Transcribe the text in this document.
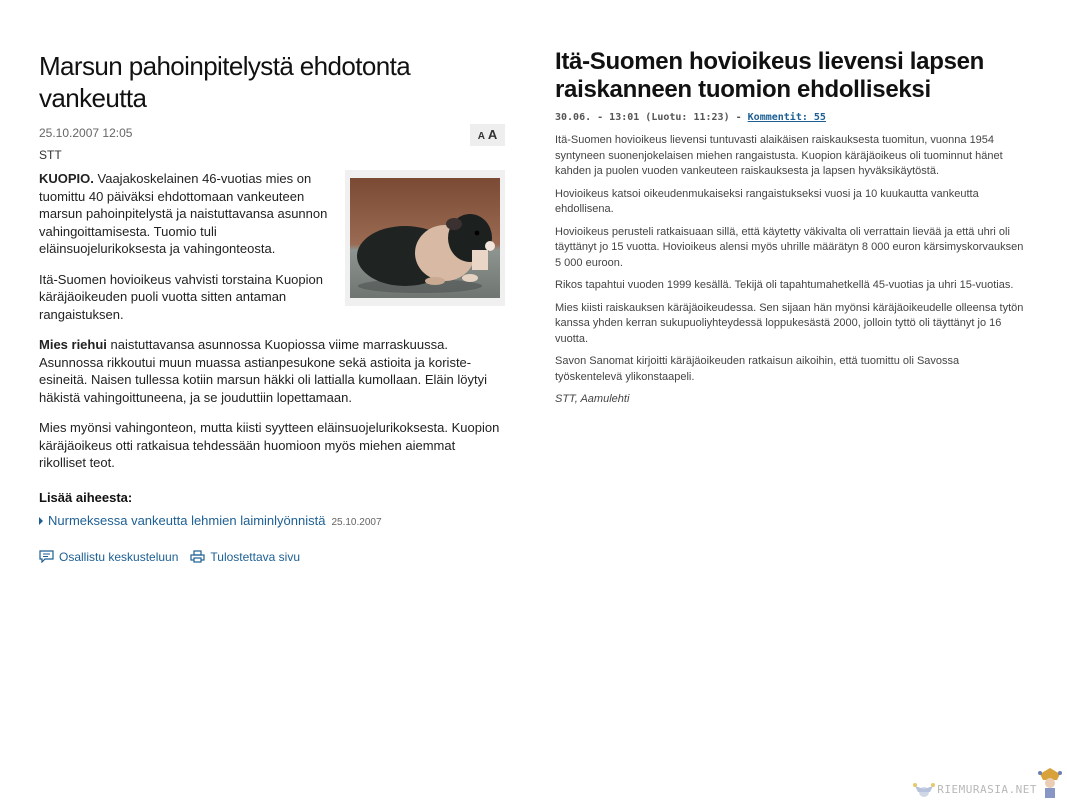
Marsun pahoinpitelystä ehdotonta vankeutta
25.10.2007 12:05	A A
STT

KUOPIO. Vaajakoskelainen 46-vuotias mies on tuomittu 40 päiväksi ehdottomaan vankeuteen marsun pahoinpitelystä ja naistuttavansa asunnon vahingoittamisesta. Tuomio tuli eläinsuojelurikoksesta ja vahingonteosta.

Itä-Suomen hovioikeus vahvisti torstaina Kuopion käräjäoikeuden puoli vuotta sitten antaman rangaistuksen.

Mies riehui naistuttavansa asunnossa Kuopiossa viime marraskuussa. Asunnossa rikkoutui muun muassa astianpesukone sekä astioita ja koriste-esineitä. Naisen tullessa kotiin marsun häkki oli lattialla kumollaan. Eläin löytyi häkistä vahingoittuneena, ja se jouduttiin lopettamaan.

Mies myönsi vahingonteon, mutta kiisti syytteen eläinsuojelurikoksesta. Kuopion käräjäoikeus otti ratkaisua tehdessään huomioon myös miehen aiemmat rikolliset teot.

Lisää aiheesta:
Nurmeksessa vankeutta lehmien laiminlyönnistä 25.10.2007
Osallistu keskusteluun	Tulostettava sivu
Itä-Suomen hovioikeus lievensi lapsen raiskanneen tuomion ehdolliseksi
30.06. - 13:01 (Luotu: 11:23) - Kommentit: 55

Itä-Suomen hovioikeus lievensi tuntuvasti alaikäisen raiskauksesta tuomitun, vuonna 1954 syntyneen suonenjokelaisen miehen rangaistusta. Kuopion käräjäoikeus oli tuominnut hänet kahden ja puolen vuoden vankeuteen raiskauksesta ja lapsen hyväksikäytöstä.

Hovioikeus katsoi oikeudenmukaiseksi rangaistukseksi vuosi ja 10 kuukautta vankeutta ehdollisena.

Hovioikeus perusteli ratkaisuaan sillä, että käytetty väkivalta oli verrattain lievää ja että uhri oli täyttänyt jo 15 vuotta. Hovioikeus alensi myös uhrille määrätyn 8 000 euron kärsimyskorvauksen 5 000 euroon.

Rikos tapahtui vuoden 1999 kesällä. Tekijä oli tapahtumahetkellä 45-vuotias ja uhri 15-vuotias.

Mies kiisti raiskauksen käräjäoikeudessa. Sen sijaan hän myönsi käräjäoikeudelle olleensa tytön kanssa yhden kerran sukupuoliyhteydessä loppukesästä 2000, jolloin tyttö oli täyttänyt jo 16 vuotta.

Savon Sanomat kirjoitti käräjäoikeuden ratkaisun aikoihin, että tuomittu oli Savossa työskentelevä ylikonstaapeli.

STT, Aamulehti

RIEMURASIA.NET
